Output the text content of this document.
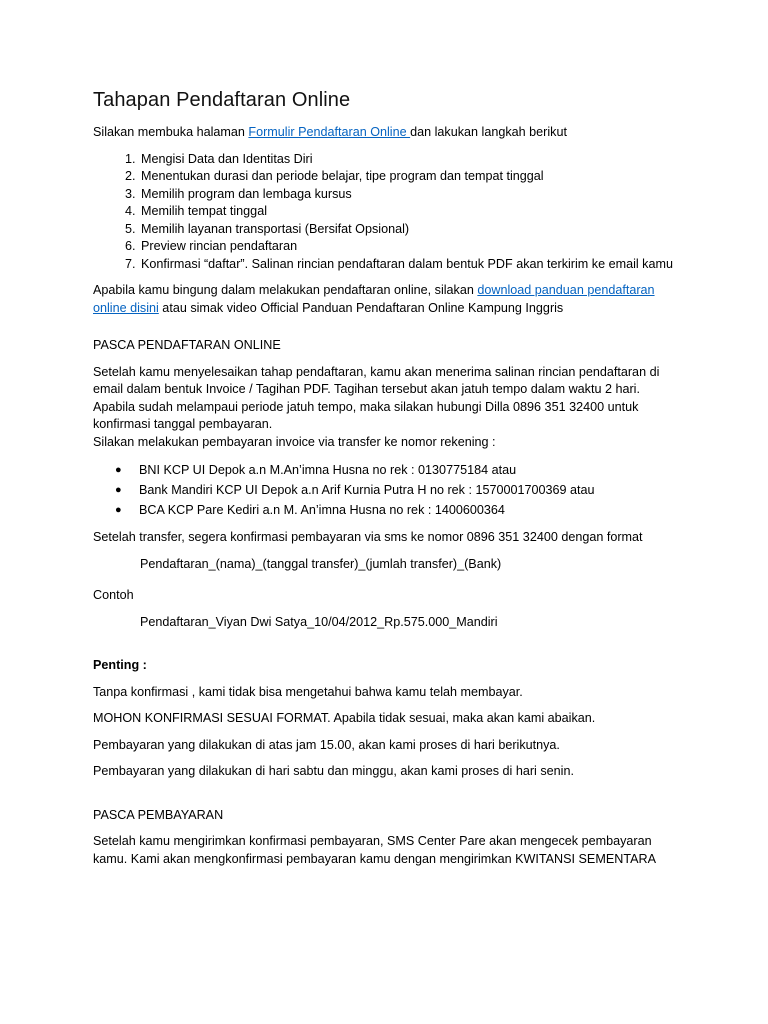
Tahapan Pendaftaran Online

Silakan membuka halaman Formulir Pendaftaran Online dan lakukan langkah berikut

1. Mengisi Data dan Identitas Diri
2. Menentukan durasi dan periode belajar, tipe program dan tempat tinggal
3. Memilih program dan lembaga kursus
4. Memilih tempat tinggal
5. Memilih layanan transportasi (Bersifat Opsional)
6. Preview rincian pendaftaran
7. Konfirmasi “daftar”. Salinan rincian pendaftaran dalam bentuk PDF akan terkirim ke email kamu

Apabila kamu bingung dalam melakukan pendaftaran online, silakan download panduan pendaftaran online disini atau simak video Official Panduan Pendaftaran Online Kampung Inggris

PASCA PENDAFTARAN ONLINE

Setelah kamu menyelesaikan tahap pendaftaran, kamu akan menerima salinan rincian pendaftaran di email dalam bentuk Invoice / Tagihan PDF. Tagihan tersebut akan jatuh tempo dalam waktu 2 hari. Apabila sudah melampaui periode jatuh tempo, maka silakan hubungi Dilla 0896 351 32400 untuk konfirmasi tanggal pembayaran.

Silakan melakukan pembayaran invoice via transfer ke nomor rekening :

● BNI KCP UI Depok a.n M.An’imna Husna no rek : 0130775184 atau
● Bank Mandiri KCP UI Depok a.n Arif Kurnia Putra H no rek : 1570001700369 atau
● BCA KCP Pare Kediri a.n M. An’imna Husna no rek : 1400600364

Setelah transfer, segera konfirmasi pembayaran via sms ke nomor 0896 351 32400 dengan format

Pendaftaran_(nama)_(tanggal transfer)_(jumlah transfer)_(Bank)

Contoh

Pendaftaran_Viyan Dwi Satya_10/04/2012_Rp.575.000_Mandiri

Penting :

Tanpa konfirmasi , kami tidak bisa mengetahui bahwa kamu telah membayar.

MOHON KONFIRMASI SESUAI FORMAT. Apabila tidak sesuai, maka akan kami abaikan.

Pembayaran yang dilakukan di atas jam 15.00, akan kami proses di hari berikutnya.

Pembayaran yang dilakukan di hari sabtu dan minggu, akan kami proses di hari senin.

PASCA PEMBAYARAN

Setelah kamu mengirimkan konfirmasi pembayaran, SMS Center Pare akan mengecek pembayaran kamu. Kami akan mengkonfirmasi pembayaran kamu dengan mengirimkan KWITANSI SEMENTARA
